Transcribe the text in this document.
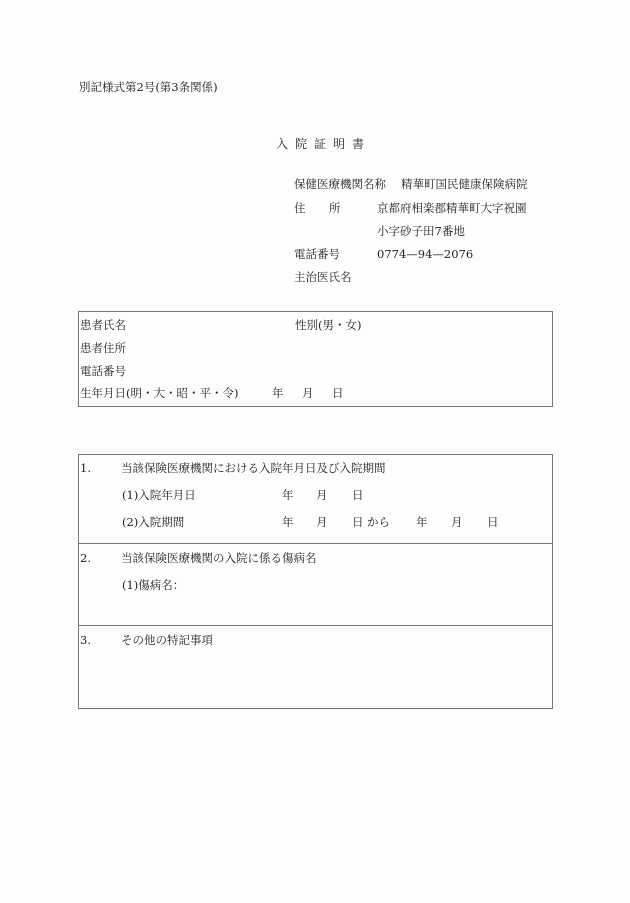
別記様式第2号(第3条関係)
入院証明書
保健医療機関名称 精華町国民健康保険病院
住 所	京都府相楽郡精華町大字祝園
小字砂子田7番地
電話番号	0774—94—2076
主治医氏名
患者氏名	性別(男・女)
患者住所
電話番号
生年月日(明・大・昭・平・令)	年 月 日
1.	当該保険医療機関における入院年月日及び入院期間
(1)入院年月日	年 月 日
(2)入院期間	年 月 日 から 年 月 日
2.	当該保険医療機関の入院に係る傷病名
(1)傷病名：
3.	その他の特記事項
